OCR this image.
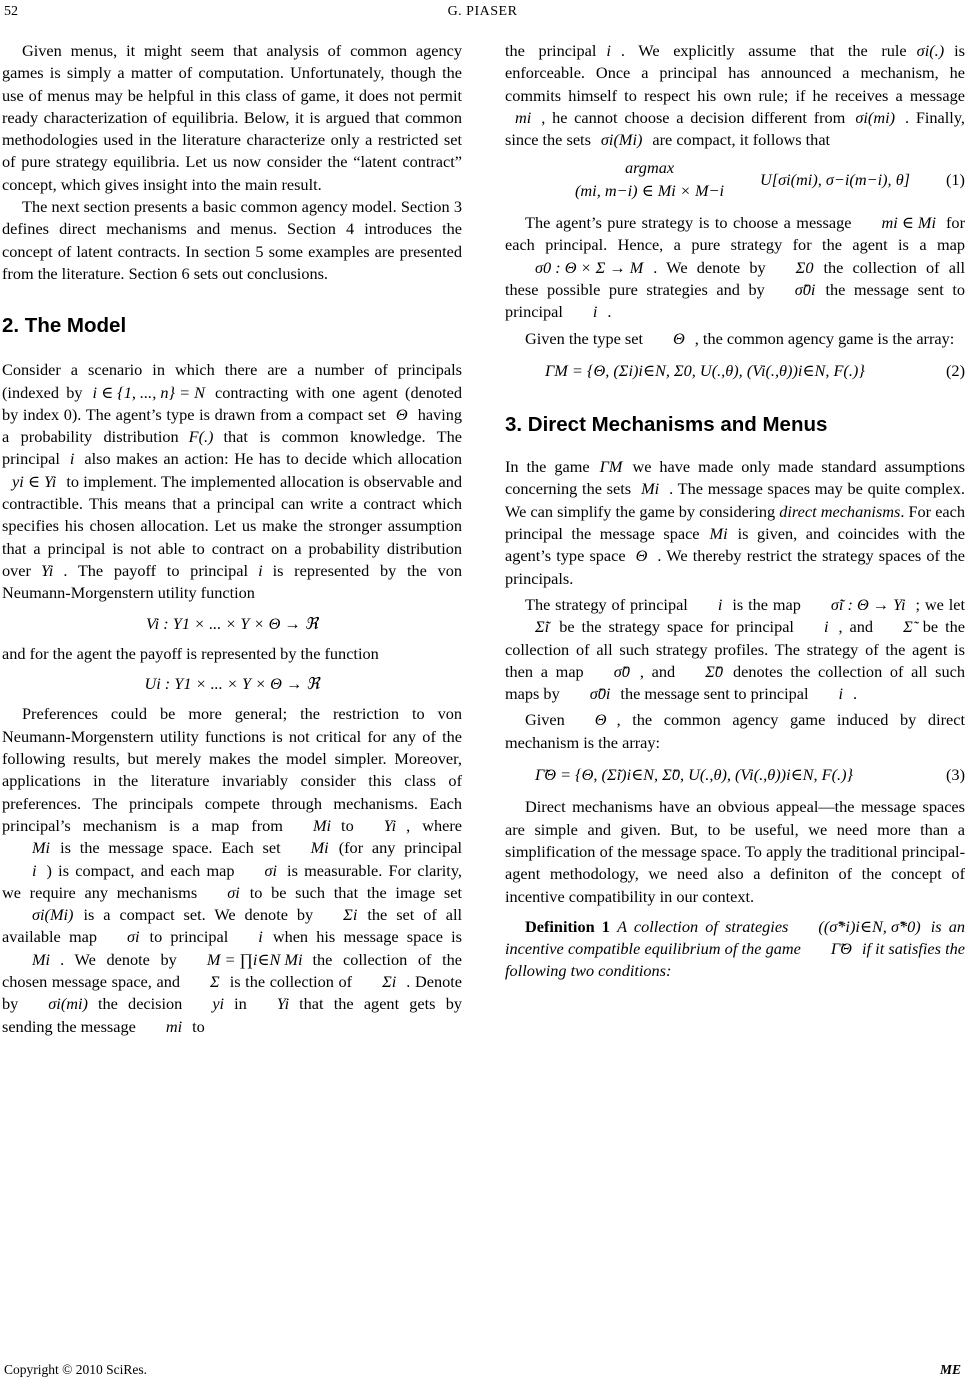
52	G. PIASER

Given menus, it might seem that analysis of common agency games is simply a matter of computation. Unfortunately, though the use of menus may be helpful in this class of game, it does not permit ready characterization of equilibria. Below, it is argued that common methodologies used in the literature characterize only a restricted set of pure strategy equilibria. Let us now consider the “latent contract” concept, which gives insight into the main result.

The next section presents a basic common agency model. Section 3 defines direct mechanisms and menus. Section 4 introduces the concept of latent contracts. In section 5 some examples are presented from the literature. Section 6 sets out conclusions.

2. The Model

Consider a scenario in which there are a number of principals (indexed by i ∈ {1, ..., n} = N contracting with one agent (denoted by index 0). The agent’s type is drawn from a compact set Θ having a probability distribution F(.) that is common knowledge. The principal i also makes an action: He has to decide which allocationyi ∈ Yi to implement. The implemented allocation is observable and contractible. This means that a principal can write a contract which specifies his chosen allocation. Let us make the stronger assumption that a principal is not able to contract on a probability distribution over Yi . The payoff to principal i is represented by the von Neumann-Morgenstern utility function

Vi : Y1 × ... × Y × Θ → ℜ

and for the agent the payoff is represented by the function

Ui : Y1 × ... × Y × Θ → ℜ

Preferences could be more general; the restriction to von Neumann-Morgenstern utility functions is not critical for any of the following results, but merely makes the model simpler. Moreover, applications in the literature invariably consider this class of preferences. The principals compete through mechanisms. Each principal’s mechanism is a map from Mi to Yi , whereMi is the message space. Each set Mi (for any principali ) is compact, and each map σi is measurable. For clarity, we require any mechanisms σi to be such that the image setσi(Mi) is a compact set. We denote by Σi the set of all available map σi to principal i when his message space isMi . We denote by M = ∏i∈N Mi the collection of the chosen message space, and Σ is the collection of Σi . Denote by σi(mi) the decision yi in Yi that the agent gets by sending the message mi to

the principal i . We explicitly assume that the rule σi(.) is enforceable. Once a principal has announced a mechanism, he commits himself to respect his own rule; if he receives a messagemi , he cannot choose a decision different from σi(mi) . Finally, since the sets σi(Mi) are compact, it follows that

argmax
(mi, m−i) ∈ Mi × M−i
U[σi(mi), σ−i(m−i), θ] (1)

The agent’s pure strategy is to choose a message mi ∈ Mi for each principal. Hence, a pure strategy for the agent is a mapσ0 : Θ × Σ → M . We denote by Σ0 the collection of all these possible pure strategies and by σ̃0i the message sent to principal i .

Given the type set Θ , the common agency game is the array:

ΓM = {Θ, (Σi)i∈N, Σ0, U(.,θ), (Vi(.,θ))i∈N, F(.)}	(2)
3. Direct Mechanisms and Menus

In the game ΓM we have made only made standard assumptions concerning the sets Mi . The message spaces may be quite complex. We can simplify the game by considering direct mechanisms. For each principal the message space Mi is given, and coincides with the agent’s type space Θ . We thereby restrict the strategy spaces of the principals.

The strategy of principal i is the map σ̃i : Θ → Yi ; we letΣ̃i be the strategy space for principal i , and Σ̃ be the collection of all such strategy profiles. The strategy of the agent is then a map σ̃0 , and Σ̃0 denotes the collection of all such maps by σ̃0i the message sent to principal i .

Given Θ , the common agency game induced by direct mechanism is the array:

Γ̃Θ = {Θ, (Σ̃i)i∈N, Σ̃0, U(.,θ), (Vi(.,θ))i∈N, F(.)}	(3)

Direct mechanisms have an obvious appeal—the message spaces are simple and given. But, to be useful, we need more than a simplification of the message space. To apply the traditional principal-agent methodology, we need also a definiton of the concept of incentive compatibility in our context.

Definition 1 A collection of strategies ((σ̃*i)i∈N, σ̃*0) is an incentive compatible equilibrium of the game Γ̃Θ if it satisfies the following two conditions:

Copyright © 2010 SciRes.	ME
